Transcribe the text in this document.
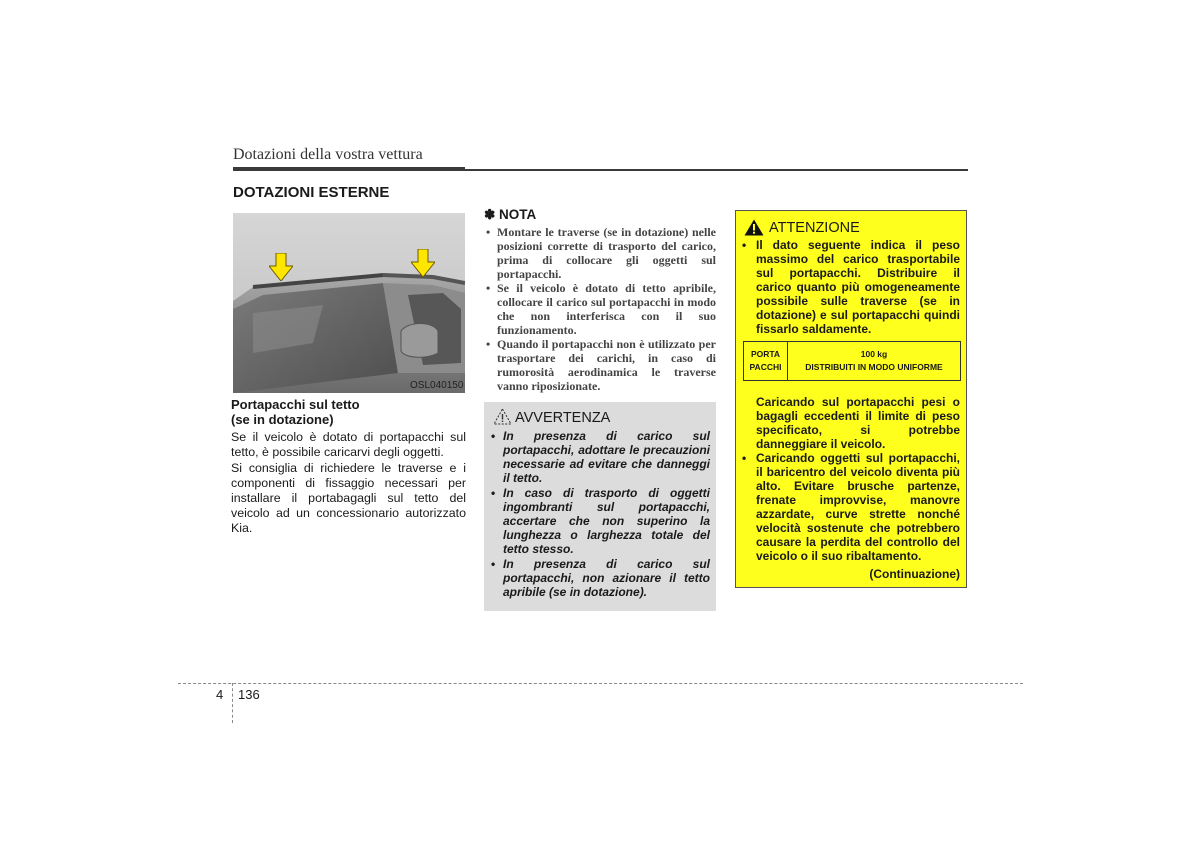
Dotazioni della vostra vettura
DOTAZIONI ESTERNE
OSL040150
Portapacchi sul tetto
(se in dotazione)
Se il veicolo è dotato di portapacchi sul tetto, è possibile caricarvi degli oggetti.
Si consiglia di richiedere le traverse e i componenti di fissaggio necessari per installare il portabagagli sul tetto del veicolo ad un concessionario autorizzato Kia.
✽ NOTA
• Montare le traverse (se in dotazione) nelle posizioni corrette di trasporto del carico, prima di collocare gli oggetti sul portapacchi.
• Se il veicolo è dotato di tetto apribile, collocare il carico sul portapacchi in modo che non interferisca con il suo funzionamento.
• Quando il portapacchi non è utilizzato per trasportare dei carichi, in caso di rumorosità aerodinamica le traverse vanno riposizionate.
AVVERTENZA
• In presenza di carico sul portapacchi, adottare le precauzioni necessarie ad evitare che danneggi il tetto.
• In caso di trasporto di oggetti ingombranti sul portapacchi, accertare che non superino la lunghezza o larghezza totale del tetto stesso.
• In presenza di carico sul portapacchi, non azionare il tetto apribile (se in dotazione).
ATTENZIONE
• Il dato seguente indica il peso massimo del carico trasportabile sul portapacchi. Distribuire il carico quanto più omogeneamente possibile sulle traverse (se in dotazione) e sul portapacchi quindi fissarlo saldamente.
PORTA
PACCHI
100 kg
DISTRIBUITI IN MODO UNIFORME
Caricando sul portapacchi pesi o bagagli eccedenti il limite di peso specificato, si potrebbe danneggiare il veicolo.
• Caricando oggetti sul portapacchi, il baricentro del veicolo diventa più alto. Evitare brusche partenze, frenate improvvise, manovre azzardate, curve strette nonché velocità sostenute che potrebbero causare la perdita del controllo del veicolo o il suo ribaltamento.
(Continuazione)
4 136
